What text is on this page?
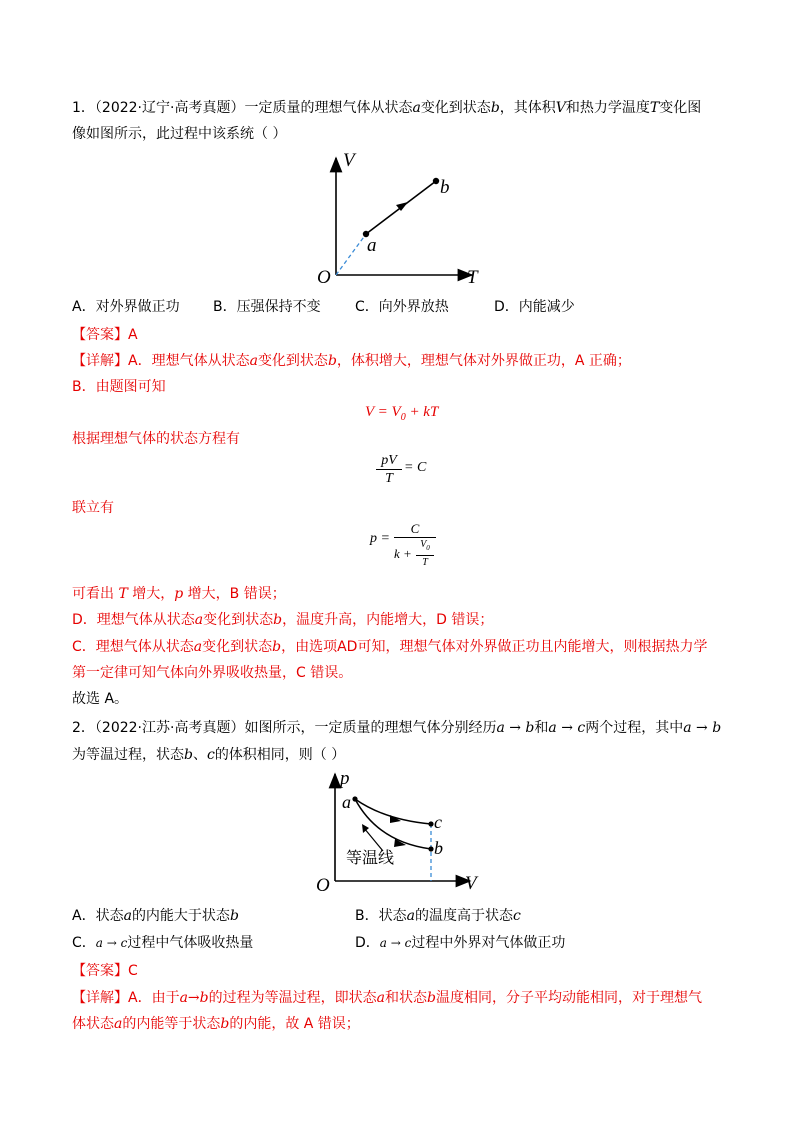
1．（2022·辽宁·高考真题）一定质量的理想气体从状态a变化到状态b，其体积V和热力学温度T变化图
像如图所示，此过程中该系统（ ）
V
T
O
a
b
A．对外界做正功 B．压强保持不变 C．向外界放热	D．内能减少
【答案】A
【详解】A．理想气体从状态a变化到状态b，体积增大，理想气体对外界做正功，A 正确；
B．由题图可知
$V = V_0$ + kT
根据理想气体的状态方程有
$\frac{pV}{T} = C$
联立有
$p = \frac{C}{k + \frac{V_0}{T}}$
可看出 T 增大，p 增大，B 错误；
D．理想气体从状态a变化到状态b，温度升高，内能增大，D 错误；
C．理想气体从状态a变化到状态b，由选项AD可知，理想气体对外界做正功且内能增大，则根据热力学
第一定律可知气体向外界吸收热量，C 错误。
故选 A。
2．（2022·江苏·高考真题）如图所示，一定质量的理想气体分别经历a → b和a → c两个过程，其中a → b
为等温过程，状态b、c的体积相同，则（ ）
p
V
O
a
c
b
等温线
A．状态a的内能大于状态b	B．状态a的温度高于状态c
C．a → c过程中气体吸收热量	D．a → c过程中外界对气体做正功
【答案】C
【详解】A．由于a→b的过程为等温过程，即状态a和状态b温度相同，分子平均动能相同，对于理想气
体状态a的内能等于状态b的内能，故 A 错误；
